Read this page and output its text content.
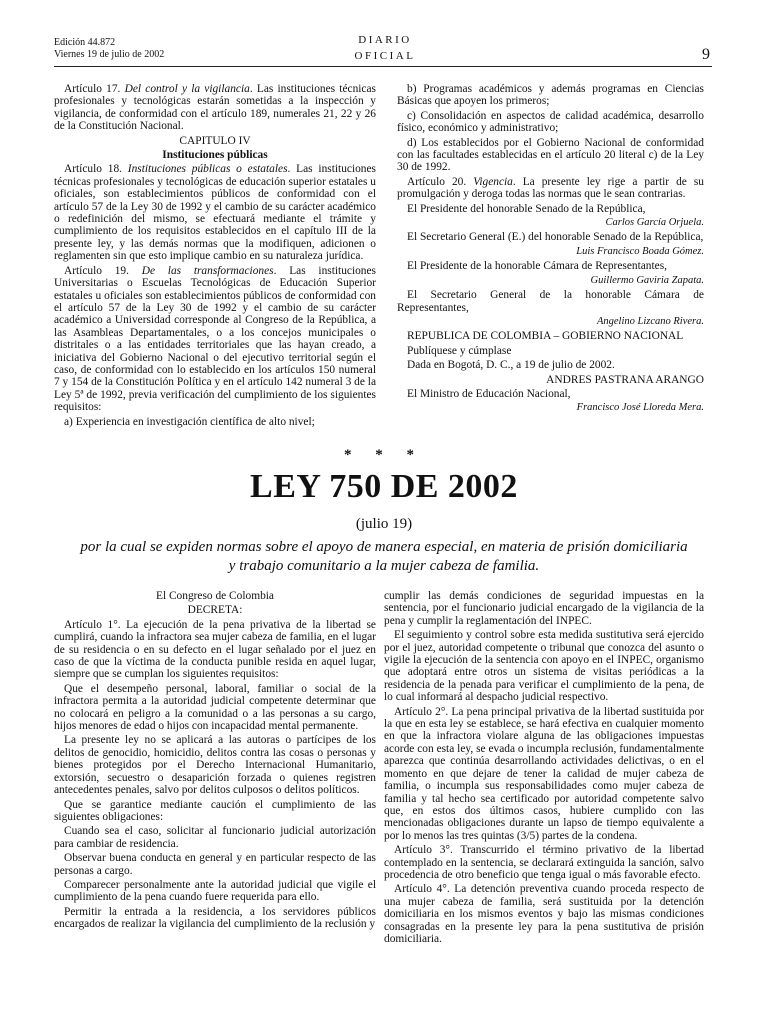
Edición 44.872
Viernes 19 de julio de 2002
DIARIO
OFICIAL	9

Artículo 17. Del control y la vigilancia. Las instituciones técnicas profesionales y tecnológicas estarán sometidas a la inspección y vigilancia, de conformidad con el artículo 189, numerales 21, 22 y 26 de la Constitución Nacional.

CAPITULO IV

Instituciones públicas

Artículo 18. Instituciones públicas o estatales. Las instituciones técnicas profesionales y tecnológicas de educación superior estatales u oficiales, son establecimientos públicos de conformidad con el artículo 57 de la Ley 30 de 1992 y el cambio de su carácter académico o redefinición del mismo, se efectuará mediante el trámite y cumplimiento de los requisitos establecidos en el capítulo III de la presente ley, y las demás normas que la modifiquen, adicionen o reglamenten sin que esto implique cambio en su naturaleza jurídica.

Artículo 19. De las transformaciones. Las instituciones Universitarias o Escuelas Tecnológicas de Educación Superior estatales u oficiales son establecimientos públicos de conformidad con el artículo 57 de la Ley 30 de 1992 y el cambio de su carácter académico a Universidad corresponde al Congreso de la República, a las Asambleas Departamentales, o a los concejos municipales o distritales o a las entidades territoriales que las hayan creado, a iniciativa del Gobierno Nacional o del ejecutivo territorial según el caso, de conformidad con lo establecido en los artículos 150 numeral 7 y 154 de la Constitución Política y en el artículo 142 numeral 3 de la Ley 5ª de 1992, previa verificación del cumplimiento de los siguientes requisitos:

a) Experiencia en investigación científica de alto nivel;

b) Programas académicos y además programas en Ciencias Básicas que apoyen los primeros;

c) Consolidación en aspectos de calidad académica, desarrollo físico, económico y administrativo;

d) Los establecidos por el Gobierno Nacional de conformidad con las facultades establecidas en el artículo 20 literal c) de la Ley 30 de 1992.

Artículo 20. Vigencia. La presente ley rige a partir de su promulgación y deroga todas las normas que le sean contrarias.

El Presidente del honorable Senado de la República,

Carlos García Orjuela.

El Secretario General (E.) del honorable Senado de la República,

Luis Francisco Boada Gómez.

El Presidente de la honorable Cámara de Representantes,

Guillermo Gaviria Zapata.

El Secretario General de la honorable Cámara de Representantes,

Angelino Lizcano Rivera.

REPUBLICA DE COLOMBIA – GOBIERNO NACIONAL

Publíquese y cúmplase

Dada en Bogotá, D. C., a 19 de julio de 2002.

ANDRES PASTRANA ARANGO

El Ministro de Educación Nacional,

Francisco José Lloreda Mera.

* * *
LEY 750 DE 2002
(julio 19)
por la cual se expiden normas sobre el apoyo de manera especial, en materia de prisión domiciliaria
y trabajo comunitario a la mujer cabeza de familia.

El Congreso de Colombia

DECRETA:

Artículo 1°. La ejecución de la pena privativa de la libertad se cumplirá, cuando la infractora sea mujer cabeza de familia, en el lugar de su residencia o en su defecto en el lugar señalado por el juez en caso de que la víctima de la conducta punible resida en aquel lugar, siempre que se cumplan los siguientes requisitos:

Que el desempeño personal, laboral, familiar o social de la infractora permita a la autoridad judicial competente determinar que no colocará en peligro a la comunidad o a las personas a su cargo, hijos menores de edad o hijos con incapacidad mental permanente.

La presente ley no se aplicará a las autoras o partícipes de los delitos de genocidio, homicidio, delitos contra las cosas o personas y bienes protegidos por el Derecho Internacional Humanitario, extorsión, secuestro o desaparición forzada o quienes registren antecedentes penales, salvo por delitos culposos o delitos políticos.

Que se garantice mediante caución el cumplimiento de las siguientes obligaciones:

Cuando sea el caso, solicitar al funcionario judicial autorización para cambiar de residencia.

Observar buena conducta en general y en particular respecto de las personas a cargo.

Comparecer personalmente ante la autoridad judicial que vigile el cumplimiento de la pena cuando fuere requerida para ello.

Permitir la entrada a la residencia, a los servidores públicos encargados de realizar la vigilancia del cumplimiento de la reclusión y

cumplir las demás condiciones de seguridad impuestas en la sentencia, por el funcionario judicial encargado de la vigilancia de la pena y cumplir la reglamentación del INPEC.

El seguimiento y control sobre esta medida sustitutiva será ejercido por el juez, autoridad competente o tribunal que conozca del asunto o vigile la ejecución de la sentencia con apoyo en el INPEC, organismo que adoptará entre otros un sistema de visitas periódicas a la residencia de la penada para verificar el cumplimiento de la pena, de lo cual informará al despacho judicial respectivo.

Artículo 2°. La pena principal privativa de la libertad sustituida por la que en esta ley se establece, se hará efectiva en cualquier momento en que la infractora violare alguna de las obligaciones impuestas acorde con esta ley, se evada o incumpla reclusión, fundamentalmente aparezca que continúa desarrollando actividades delictivas, o en el momento en que dejare de tener la calidad de mujer cabeza de familia, o incumpla sus responsabilidades como mujer cabeza de familia y tal hecho sea certificado por autoridad competente salvo que, en estos dos últimos casos, hubiere cumplido con las mencionadas obligaciones durante un lapso de tiempo equivalente a por lo menos las tres quintas (3/5) partes de la condena.

Artículo 3°. Transcurrido el término privativo de la libertad contemplado en la sentencia, se declarará extinguida la sanción, salvo procedencia de otro beneficio que tenga igual o más favorable efecto.

Artículo 4°. La detención preventiva cuando proceda respecto de una mujer cabeza de familia, será sustituida por la detención domiciliaria en los mismos eventos y bajo las mismas condiciones consagradas en la presente ley para la pena sustitutiva de prisión domiciliaria.
